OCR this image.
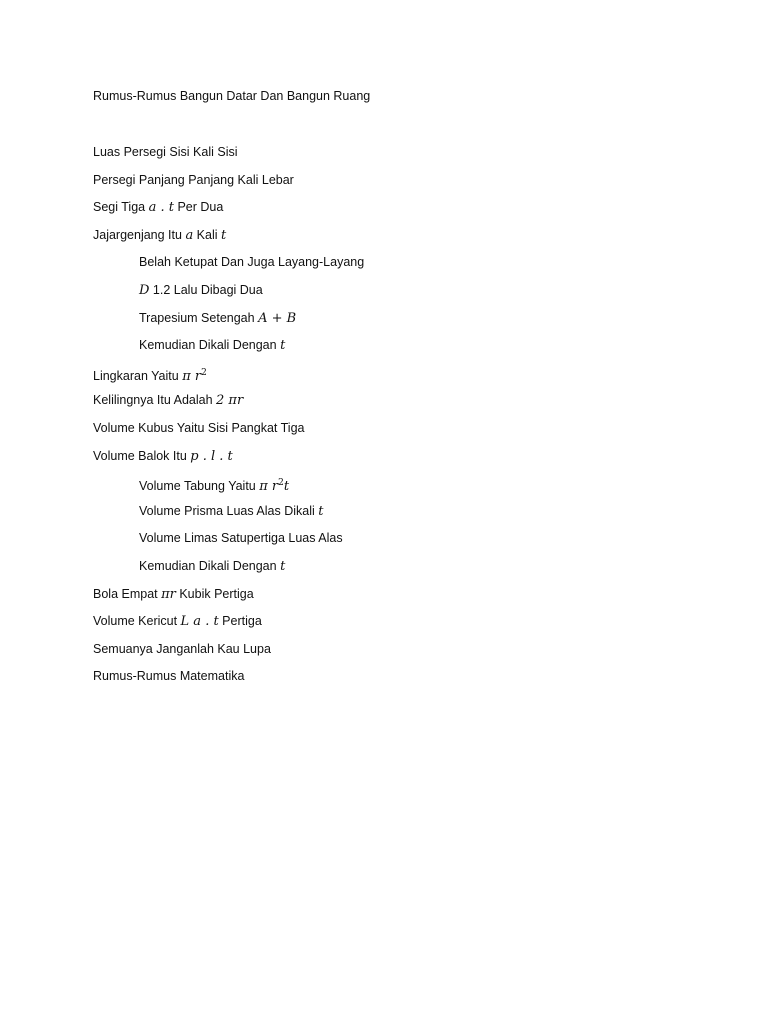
Rumus-Rumus Bangun Datar Dan Bangun Ruang
Luas Persegi Sisi Kali Sisi
Persegi Panjang Panjang Kali Lebar
Segi Tiga a . t Per Dua
Jajargenjang Itu a Kali t
Belah Ketupat Dan Juga Layang-Layang
D 1.2 Lalu Dibagi Dua
Trapesium Setengah A + B
Kemudian Dikali Dengan t
Lingkaran Yaitu π $r^2$
Kelilingnya Itu Adalah 2 πr
Volume Kubus Yaitu Sisi Pangkat Tiga
Volume Balok Itu p . l . t
Volume Tabung Yaitu π $r^2t$
Volume Prisma Luas Alas Dikali t
Volume Limas Satupertiga Luas Alas
Kemudian Dikali Dengan t
Bola Empat πr Kubik Pertiga
Volume Kericut L a . t Pertiga
Semuanya Janganlah Kau Lupa
Rumus-Rumus Matematika
